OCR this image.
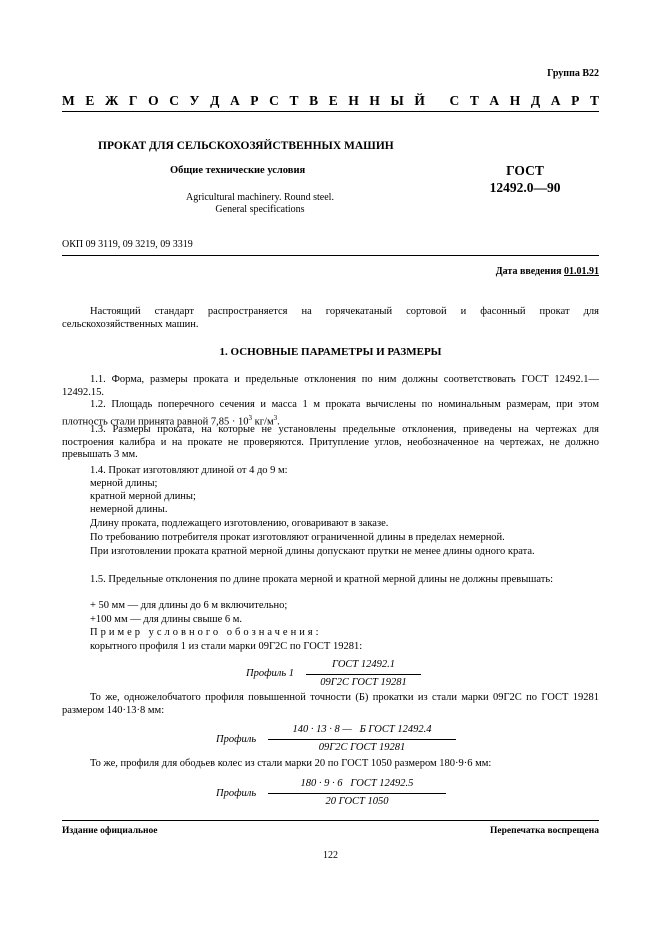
Группа В22
М Е Ж Г О С У Д А Р С Т В Е Н Н Ы Й
С Т А Н Д А Р Т
ПРОКАТ ДЛЯ СЕЛЬСКОХОЗЯЙСТВЕННЫХ МАШИН
Общие технические условия
Agricultural machinery. Round steel.
General specifications
ГОСТ
12492.0—90
ОКП 09 3119, 09 3219, 09 3319
Дата введения 01.01.91
Настоящий стандарт распространяется на горячекатаный сортовой и фасонный прокат для сельскохозяйственных машин.
1. ОСНОВНЫЕ ПАРАМЕТРЫ И РАЗМЕРЫ
1.1. Форма, размеры проката и предельные отклонения по ним должны соответствовать ГОСТ 12492.1—12492.15.
1.2. Площадь поперечного сечения и масса 1 м проката вычислены по номинальным размерам, при этом плотность стали принята равной $7,85 \cdot 10^3$ $кг/м^3$.
1.3. Размеры проката, на которые не установлены предельные отклонения, приведены на чертежах для построения калибра и на прокате не проверяются. Притупление углов, необозначенное на чертежах, не должно превышать 3 мм.
1.4. Прокат изготовляют длиной от 4 до 9 м:
мерной длины;
кратной мерной длины;
немерной длины.
Длину проката, подлежащего изготовлению, оговаривают в заказе.
По требованию потребителя прокат изготовляют ограниченной длины в пределах немерной.
При изготовлении проката кратной мерной длины допускают прутки не менее длины одного крата.
1.5. Предельные отклонения по длине проката мерной и кратной мерной длины не должны превышать:
+ 50 мм — для длины до 6 м включительно;
+100 мм — для длины свыше 6 м.
Пример условного обозначения:
корытного профиля 1 из стали марки 09Г2С по ГОСТ 19281:
Профиль 1
ГОСТ 12492.1
09Г2С ГОСТ 19281
То же, одножелобчатого профиля повышенной точности (Б) прокатки из стали марки 09Г2С по ГОСТ 19281 размером 140·13·8 мм:
Профиль
140 · 13 · 8 —   Б ГОСТ 12492.4
09Г2С ГОСТ 19281
То же, профиля для ободьев колес из стали марки 20 по ГОСТ 1050 размером 180·9·6 мм:
Профиль
180 · 9 · 6   ГОСТ 12492.5
20 ГОСТ 1050
Издание официальное	Перепечатка воспрещена
122
